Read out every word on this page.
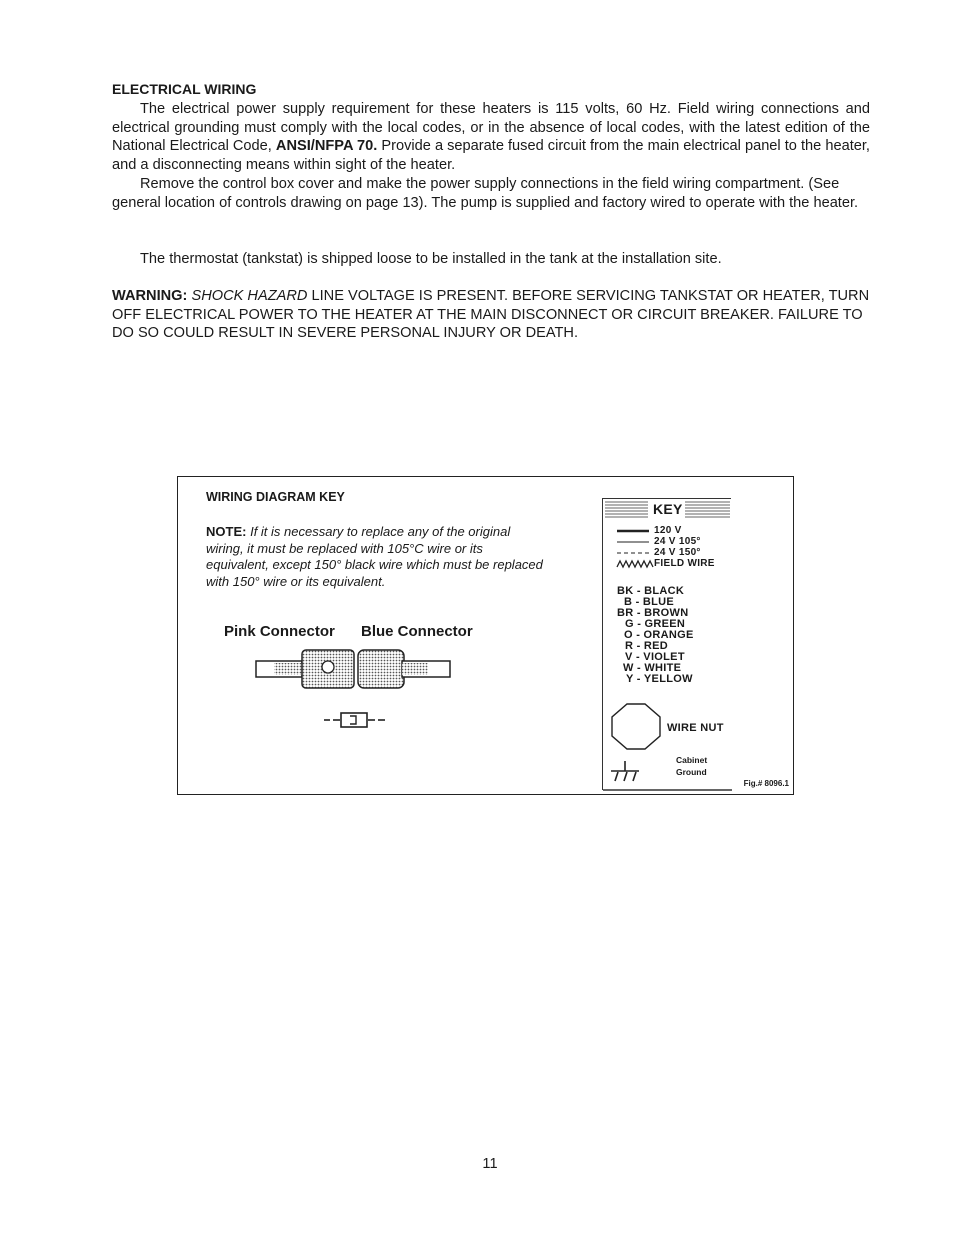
ELECTRICAL WIRING
The electrical power supply requirement for these heaters is 115 volts, 60 Hz. Field wiring connections and electrical grounding must comply with the local codes, or in the absence of local codes, with the latest edition of the National Electrical Code, ANSI/NFPA 70. Provide a separate fused circuit from the main electrical panel to the heater, and a disconnecting means within sight of the heater.
Remove the control box cover and make the power supply connections in the field wiring compartment. (See general location of controls drawing on page 13). The pump is supplied and factory wired to operate with the heater.
The thermostat (tankstat) is shipped loose to be installed in the tank at the installation site.
WARNING: SHOCK HAZARD LINE VOLTAGE IS PRESENT. BEFORE SERVICING TANKSTAT OR HEATER, TURN OFF ELECTRICAL POWER TO THE HEATER AT THE MAIN DISCONNECT OR CIRCUIT BREAKER. FAILURE TO DO SO COULD RESULT IN SEVERE PERSONAL INJURY OR DEATH.
WIRING DIAGRAM KEY
NOTE: If it is necessary to replace any of the original wiring, it must be replaced with 105°C wire or its equivalent, except 150° black wire which must be replaced with 150° wire or its equivalent.
Pink Connector Blue Connector
KEY
120 V
24 V 105°
24 V 150°
FIELD WIRE
BK - BLACK
B - BLUE
BR - BROWN
G - GREEN
O - ORANGE
R - RED
V - VIOLET
W - WHITE
Y - YELLOW
WIRE NUT
Cabinet
Ground
Fig.# 8096.1
11
